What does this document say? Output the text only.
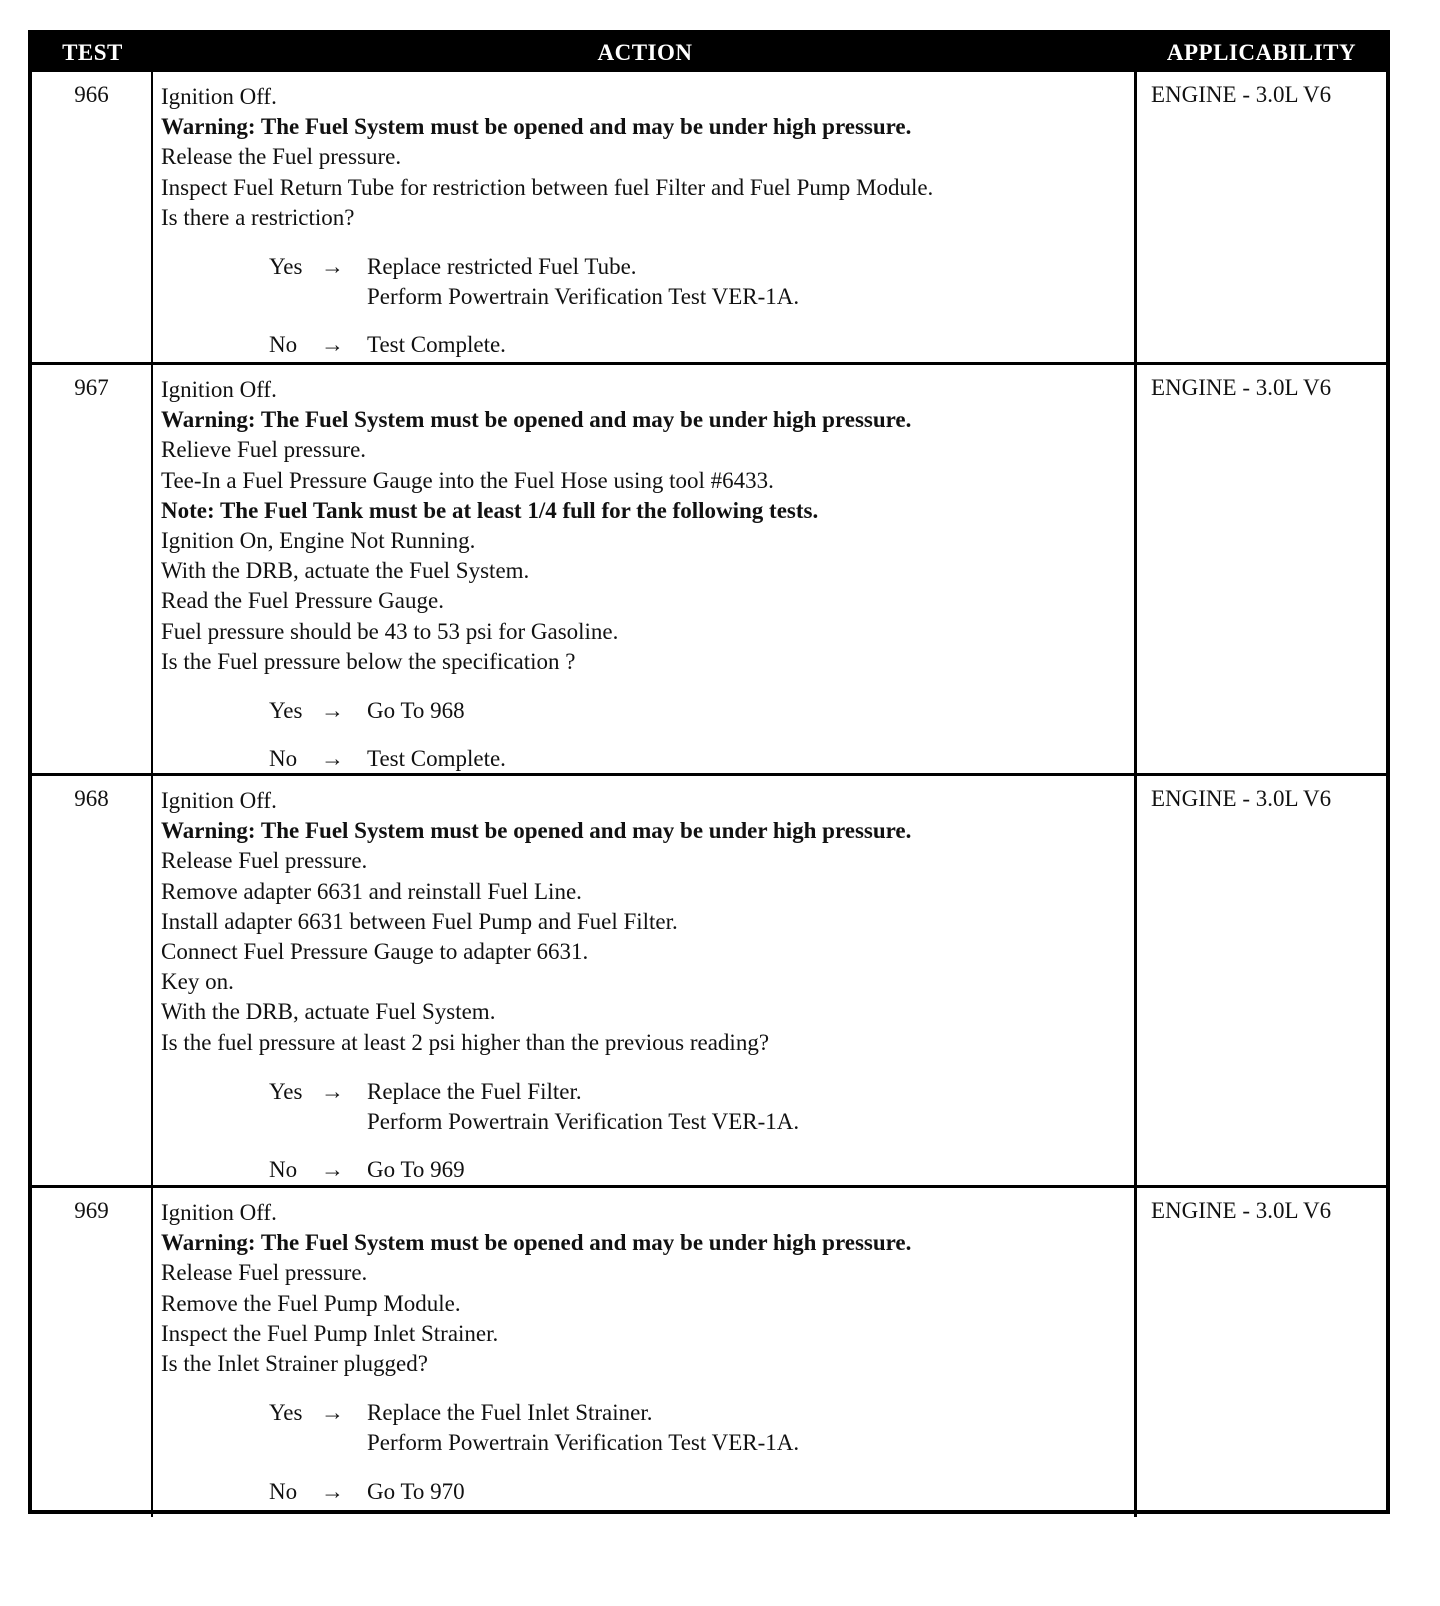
TEST	ACTION	APPLICABILITY
966	Ignition Off.
Warning: The Fuel System must be opened and may be under high pressure.
Release the Fuel pressure.
Inspect Fuel Return Tube for restriction between fuel Filter and Fuel Pump Module.
Is there a restriction?
Yes →	Replace restricted Fuel Tube.
Perform Powertrain Verification Test VER-1A.
No	→	Test Complete.
ENGINE - 3.0L V6
967	Ignition Off.
Warning: The Fuel System must be opened and may be under high pressure.
Relieve Fuel pressure.
Tee-In a Fuel Pressure Gauge into the Fuel Hose using tool #6433.
Note: The Fuel Tank must be at least 1/4 full for the following tests.
Ignition On, Engine Not Running.
With the DRB, actuate the Fuel System.
Read the Fuel Pressure Gauge.
Fuel pressure should be 43 to 53 psi for Gasoline.
Is the Fuel pressure below the specification ?
Yes →	Go To 968
No	→	Test Complete.
ENGINE - 3.0L V6
968	Ignition Off.
Warning: The Fuel System must be opened and may be under high pressure.
Release Fuel pressure.
Remove adapter 6631 and reinstall Fuel Line.
Install adapter 6631 between Fuel Pump and Fuel Filter.
Connect Fuel Pressure Gauge to adapter 6631.
Key on.
With the DRB, actuate Fuel System.
Is the fuel pressure at least 2 psi higher than the previous reading?
Yes →	Replace the Fuel Filter.
Perform Powertrain Verification Test VER-1A.
No	→	Go To 969
ENGINE - 3.0L V6
969	Ignition Off.
Warning: The Fuel System must be opened and may be under high pressure.
Release Fuel pressure.
Remove the Fuel Pump Module.
Inspect the Fuel Pump Inlet Strainer.
Is the Inlet Strainer plugged?
Yes →	Replace the Fuel Inlet Strainer.
Perform Powertrain Verification Test VER-1A.
No	→	Go To 970
ENGINE - 3.0L V6
